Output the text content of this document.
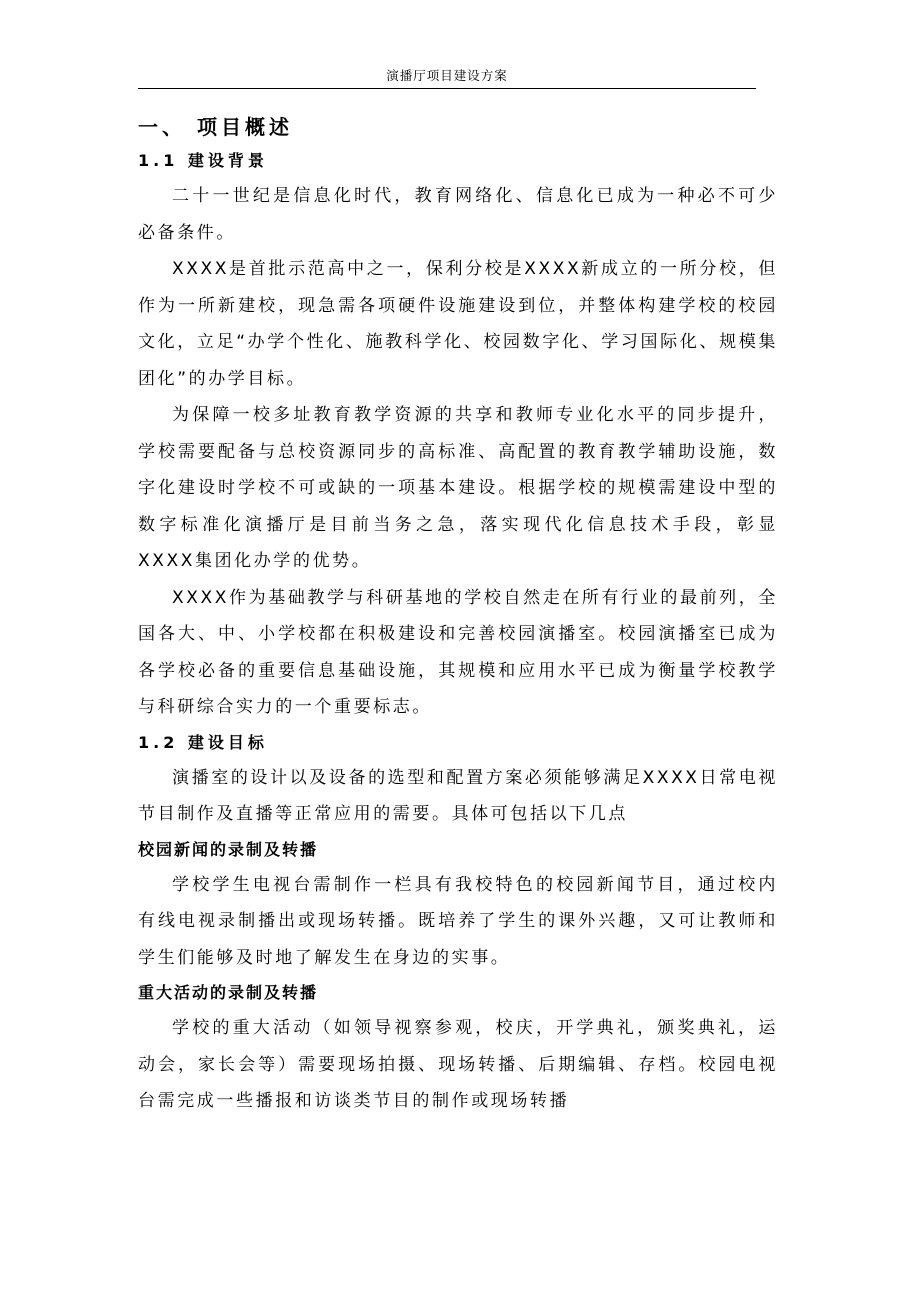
演播厅项目建设方案
一、 项目概述
1.1 建设背景

二十一世纪是信息化时代，教育网络化、信息化已成为一种必不可少必备条件。

XXXX是首批示范高中之一，保利分校是XXXX新成立的一所分校，但作为一所新建校，现急需各项硬件设施建设到位，并整体构建学校的校园文化，立足“办学个性化、施教科学化、校园数字化、学习国际化、规模集团化”的办学目标。

为保障一校多址教育教学资源的共享和教师专业化水平的同步提升，学校需要配备与总校资源同步的高标准、高配置的教育教学辅助设施，数字化建设时学校不可或缺的一项基本建设。根据学校的规模需建设中型的数字标准化演播厅是目前当务之急，落实现代化信息技术手段，彰显XXXX集团化办学的优势。

XXXX作为基础教学与科研基地的学校自然走在所有行业的最前列，全国各大、中、小学校都在积极建设和完善校园演播室。校园演播室已成为各学校必备的重要信息基础设施，其规模和应用水平已成为衡量学校教学与科研综合实力的一个重要标志。

1.2 建设目标

演播室的设计以及设备的选型和配置方案必须能够满足XXXX日常电视节目制作及直播等正常应用的需要。具体可包括以下几点

校园新闻的录制及转播

学校学生电视台需制作一栏具有我校特色的校园新闻节目，通过校内有线电视录制播出或现场转播。既培养了学生的课外兴趣，又可让教师和学生们能够及时地了解发生在身边的实事。

重大活动的录制及转播

学校的重大活动（如领导视察参观，校庆，开学典礼，颁奖典礼，运动会，家长会等）需要现场拍摄、现场转播、后期编辑、存档。校园电视台需完成一些播报和访谈类节目的制作或现场转播
